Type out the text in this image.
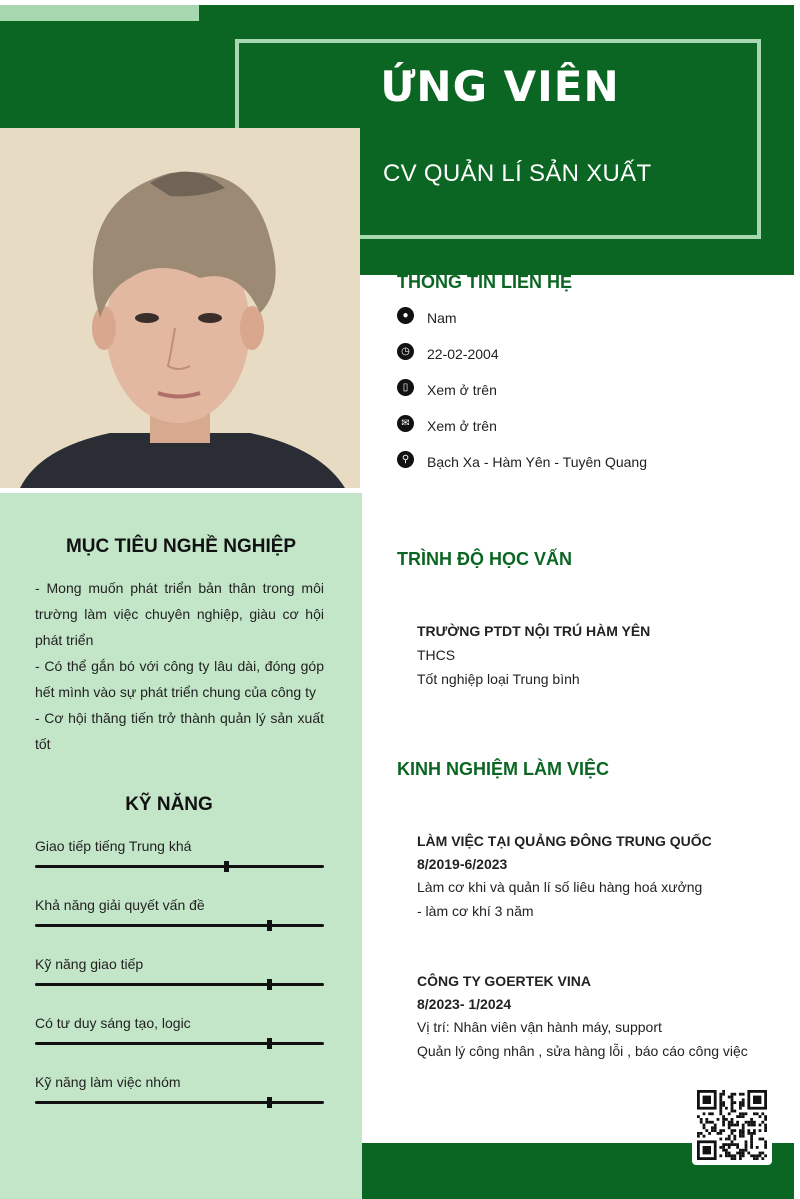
ỨNG VIÊN
CV QUẢN LÍ SẢN XUẤT
MỤC TIÊU NGHỀ NGHIỆP

- Mong muốn phát triển bản thân trong môi trường làm việc chuyên nghiệp, giàu cơ hội phát triển

- Có thể gắn bó với công ty lâu dài, đóng góp hết mình vào sự phát triển chung của công ty

- Cơ hội thăng tiến trở thành quản lý sản xuất tốt

KỸ NĂNG
Giao tiếp tiếng Trung khá
Khả năng giải quyết vấn đề
Kỹ năng giao tiếp
Có tư duy sáng tạo, logic
Kỹ năng làm việc nhóm
THÔNG TIN LIÊN HỆ
●	Nam
◷ 22-02-2004
▯	Xem ở trên
✉	Xem ở trên
⚲	Bạch Xa - Hàm Yên - Tuyên Quang
TRÌNH ĐỘ HỌC VẤN
TRƯỜNG PTDT NỘI TRÚ HÀM YÊN
THCS
Tốt nghiệp loại Trung bình
KINH NGHIỆM LÀM VIỆC
LÀM VIỆC TẠI QUẢNG ĐÔNG TRUNG QUỐC
8/2019-6/2023
Làm cơ khi và quản lí số liêu hàng hoá xưởng
- làm cơ khí 3 năm
CÔNG TY GOERTEK VINA
8/2023- 1/2024
Vị trí: Nhân viên vận hành máy, support
Quản lý công nhân , sửa hàng lỗi , báo cáo công việc
